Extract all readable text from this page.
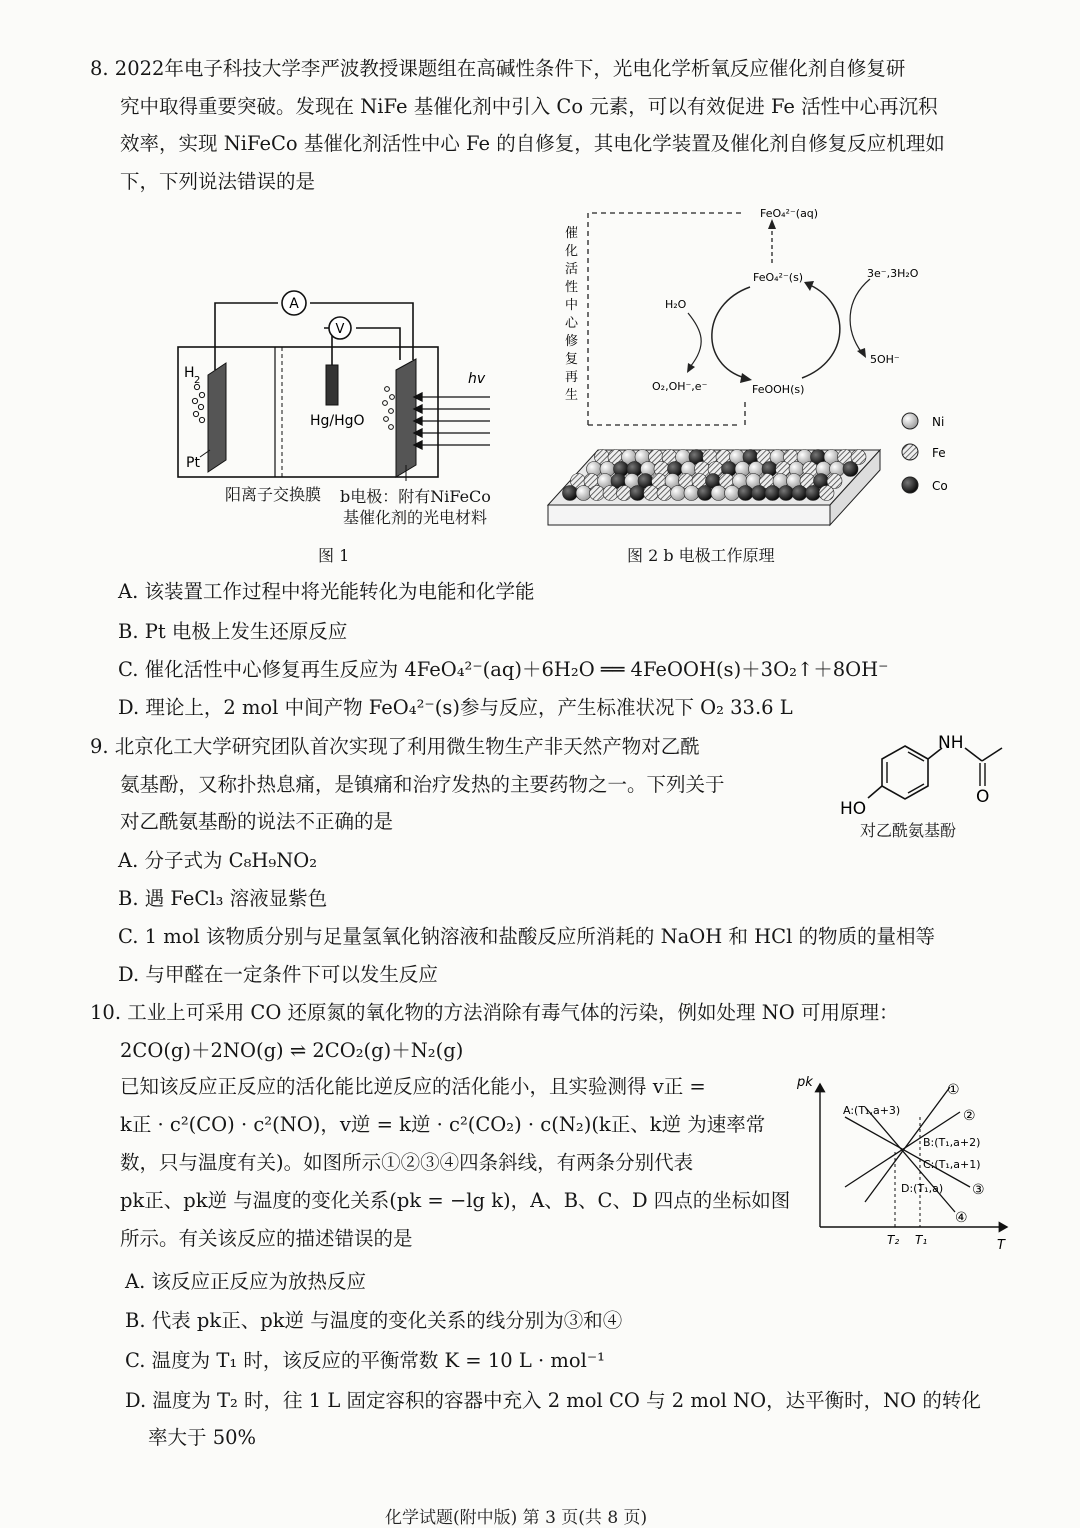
8. 2022年电子科技大学李严波教授课题组在高碱性条件下，光电化学析氧反应催化剂自修复研
究中取得重要突破。发现在 NiFe 基催化剂中引入 Co 元素，可以有效促进 Fe 活性中心再沉积
效率，实现 NiFeCo 基催化剂活性中心 Fe 的自修复，其电化学装置及催化剂自修复反应机理如
下，下列说法错误的是
A
V
H 2
Pt
Hg/HgO
hv
阳离子交换膜 b电极：附有NiFeCo
基催化剂的光电材料
图 1
FeO₄²⁻(aq)
FeO₄²⁻(s)
H₂O
O₂,OH⁻,e⁻	FeOOH(s)
3e⁻,3H₂O
5OH⁻
催
化
活
性
中
心
修
复
再
生
Ni
Fe
Co
图 2 b 电极工作原理
A. 该装置工作过程中将光能转化为电能和化学能
B. Pt 电极上发生还原反应
C. 催化活性中心修复再生反应为 4FeO₄²⁻(aq)＋6H₂O ══ 4FeOOH(s)＋3O₂↑＋8OH⁻
D. 理论上，2 mol 中间产物 FeO₄²⁻(s)参与反应，产生标准状况下 O₂ 33.6 L
9. 北京化工大学研究团队首次实现了利用微生物生产非天然产物对乙酰
氨基酚，又称扑热息痛，是镇痛和治疗发热的主要药物之一。下列关于
对乙酰氨基酚的说法不正确的是
NH
O
HO
对乙酰氨基酚
A. 分子式为 C₈H₉NO₂
B. 遇 FeCl₃ 溶液显紫色
C. 1 mol 该物质分别与足量氢氧化钠溶液和盐酸反应所消耗的 NaOH 和 HCl 的物质的量相等
D. 与甲醛在一定条件下可以发生反应
10. 工业上可采用 CO 还原氮的氧化物的方法消除有毒气体的污染，例如处理 NO 可用原理：
2CO(g)＋2NO(g) ⇌ 2CO₂(g)＋N₂(g)
已知该反应正反应的活化能比逆反应的活化能小，且实验测得 v正 =
k正 · c²(CO) · c²(NO)，v逆 = k逆 · c²(CO₂) · c(N₂)(k正、k逆 为速率常
数，只与温度有关)。如图所示①②③④四条斜线，有两条分别代表
pk正、pk逆 与温度的变化关系(pk = −lg k)，A、B、C、D 四点的坐标如图
所示。有关该反应的描述错误的是
pk
T
T₂ T₁
①
②
③
④
A:(T₁,a+3)
B:(T₁,a+2)
C:(T₁,a+1)
D:(T₁,a)
A. 该反应正反应为放热反应
B. 代表 pk正、pk逆 与温度的变化关系的线分别为③和④
C. 温度为 T₁ 时，该反应的平衡常数 K = 10 L · mol⁻¹
D. 温度为 T₂ 时，往 1 L 固定容积的容器中充入 2 mol CO 与 2 mol NO，达平衡时，NO 的转化
率大于 50%
化学试题(附中版) 第 3 页(共 8 页)
